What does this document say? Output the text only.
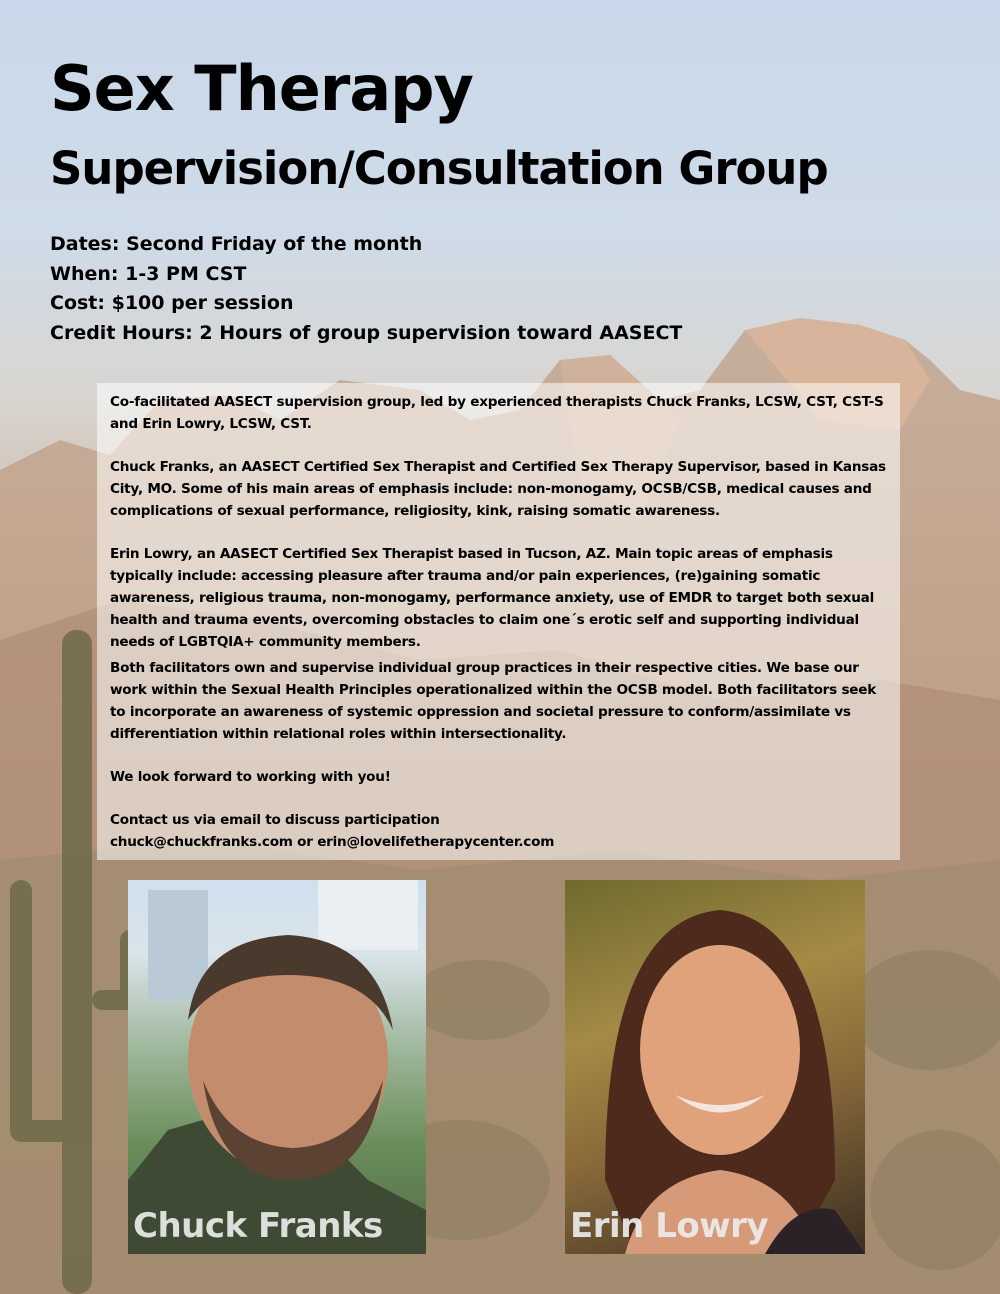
Sex Therapy
Supervision/Consultation Group
Dates: Second Friday of the month
When: 1-3 PM CST
Cost: $100 per session
Credit Hours: 2 Hours of group supervision toward AASECT

Co-facilitated AASECT supervision group, led by experienced therapists Chuck Franks, LCSW, CST, CST-S and Erin Lowry, LCSW, CST.

Chuck Franks, an AASECT Certified Sex Therapist and Certified Sex Therapy Supervisor, based in Kansas City, MO. Some of his main areas of emphasis include: non-monogamy, OCSB/CSB, medical causes and complications of sexual performance, religiosity, kink, raising somatic awareness.

Erin Lowry, an AASECT Certified Sex Therapist based in Tucson, AZ. Main topic areas of emphasis typically include: accessing pleasure after trauma and/or pain experiences, (re)gaining somatic awareness, religious trauma, non-monogamy, performance anxiety, use of EMDR to target both sexual health and trauma events, overcoming obstacles to claim one´s erotic self and supporting individual needs of LGBTQIA+ community members.

Both facilitators own and supervise individual group practices in their respective cities. We base our work within the Sexual Health Principles operationalized within the OCSB model. Both facilitators seek to incorporate an awareness of systemic oppression and societal pressure to conform/assimilate vs differentiation within relational roles within intersectionality.

We look forward to working with you!

Contact us via email to discuss participation

chuck@chuckfranks.com or erin@lovelifetherapycenter.com

Chuck Franks	Erin Lowry
